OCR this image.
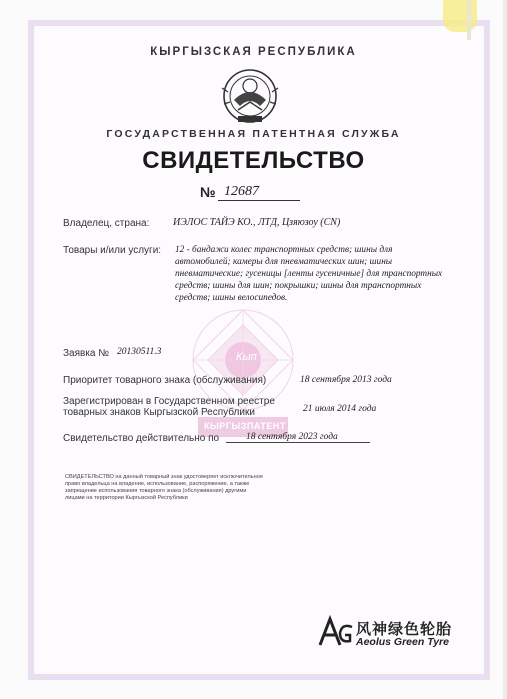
КЫРГЫЗСКАЯ РЕСПУБЛИКА
ГОСУДАРСТВЕННАЯ ПАТЕНТНАЯ СЛУЖБА
СВИДЕТЕЛЬСТВО
№ 12687
Владелец, страна: ИЭЛОС ТАЙЭ КО., ЛТД, Цзяюзоу (CN)
Товары и/или услуги: 12 - бандажи колес транспортных средств; шины для автомобилей; камеры для пневматических шин; шины пневматические; гусеницы [ленты гусеничные] для транспортных средств; шины для шин; покрышки; шины для транспортных средств; шины велосипедов.
Кып
КЫРГЫЗПАТЕНТ
Заявка № 20130511.3
Приоритет товарного знака (обслуживания)	18 сентября 2013 года
Зарегистрирован в Государственном реестре
товарных знаков Кыргызской Республики	21 июля 2014 года
Свидетельство действительно по	18 сентября 2023 года
СВИДЕТЕЛЬСТВО на данный товарный знак удостоверяет исключительное право владельца на владение, использование, распоряжение, а также запрещение использования товарного знака (обслуживания) другими лицами на территории Кыргызской Республики
风神绿色轮胎
Aeolus Green Tyre
